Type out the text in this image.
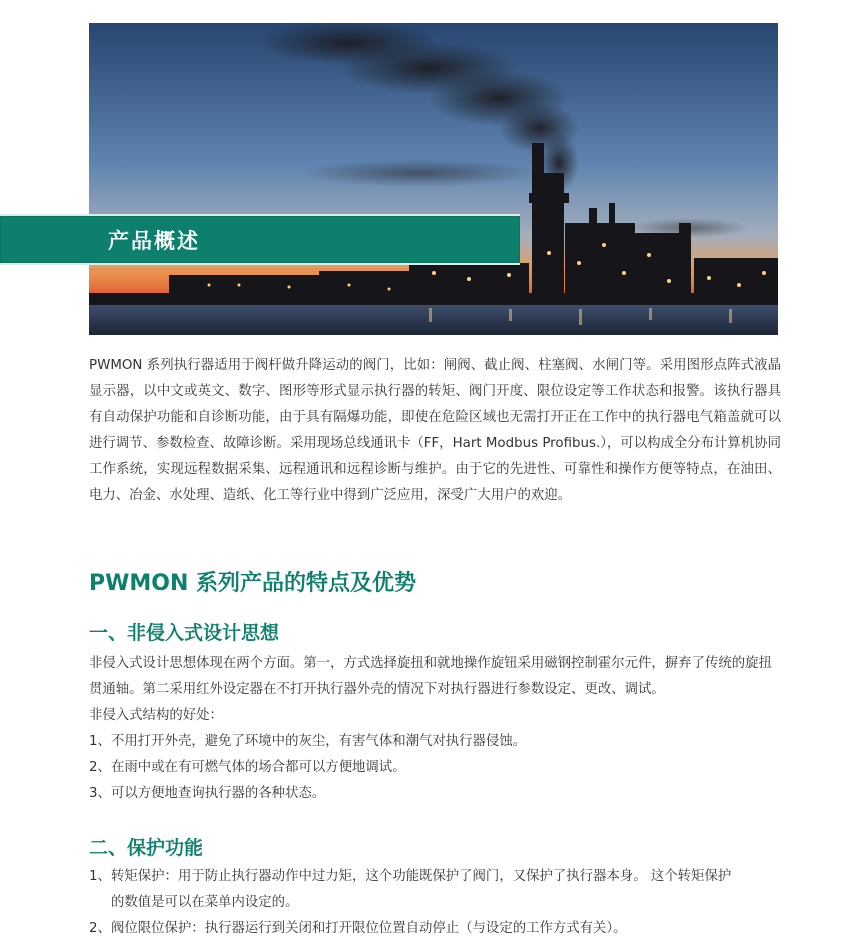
产品概述

PWMON 系列执行器适用于阀杆做升降运动的阀门，比如：闸阀、截止阀、柱塞阀、水闸门等。采用图形点阵式液晶显示器，以中文或英文、数字、图形等形式显示执行器的转矩、阀门开度、限位设定等工作状态和报警。该执行器具有自动保护功能和自诊断功能，由于具有隔爆功能，即使在危险区域也无需打开正在工作中的执行器电气箱盖就可以进行调节、参数检查、故障诊断。采用现场总线通讯卡（FF，Hart Modbus Profibus.），可以构成全分布计算机协同工作系统，实现远程数据采集、远程通讯和远程诊断与维护。由于它的先进性、可靠性和操作方便等特点，在油田、电力、冶金、水处理、造纸、化工等行业中得到广泛应用，深受广大用户的欢迎。

PWMON 系列产品的特点及优势
一、非侵入式设计思想

非侵入式设计思想体现在两个方面。第一，方式选择旋扭和就地操作旋钮采用磁钢控制霍尔元件，摒弃了传统的旋扭贯通轴。第二采用红外设定器在不打开执行器外壳的情况下对执行器进行参数设定、更改、调试。

非侵入式结构的好处：

1、不用打开外壳，避免了环境中的灰尘，有害气体和潮气对执行器侵蚀。

2、在雨中或在有可燃气体的场合都可以方便地调试。

3、可以方便地查询执行器的各种状态。

二、保护功能

1、转矩保护：用于防止执行器动作中过力矩，这个功能既保护了阀门，又保护了执行器本身。 这个转矩保护

的数值是可以在菜单内设定的。

2、阀位限位保护：执行器运行到关闭和打开限位位置自动停止（与设定的工作方式有关）。
